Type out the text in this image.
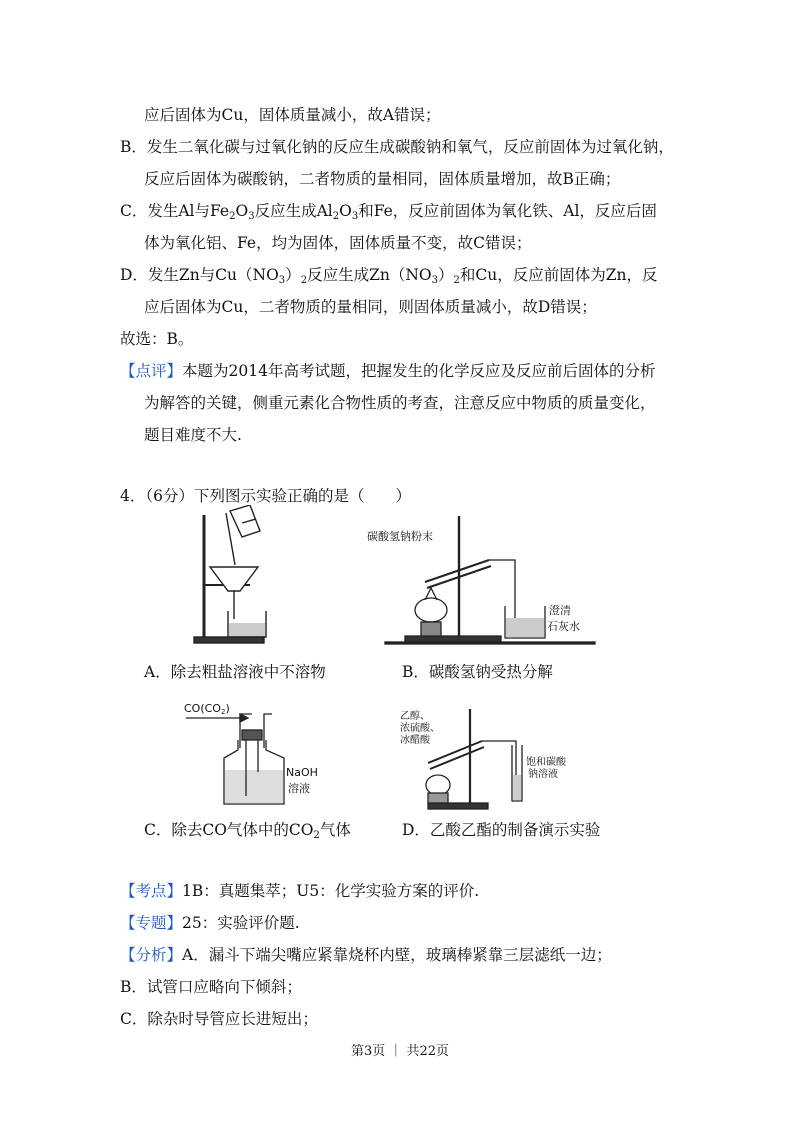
应后固体为Cu，固体质量减小，故A错误；
B．发生二氧化碳与过氧化钠的反应生成碳酸钠和氧气，反应前固体为过氧化钠，
反应后固体为碳酸钠，二者物质的量相同，固体质量增加，故B正确；
C．发生Al与$Fe_2O_3$反应生成$Al_2O_3$和Fe，反应前固体为氧化铁、Al，反应后固
体为氧化铝、Fe，均为固体，固体质量不变，故C错误；
D．发生Zn与$Cu(NO_3)_2$反应生成$Zn(NO_3)_2$和Cu，反应前固体为Zn，反
应后固体为Cu，二者物质的量相同，则固体质量减小，故D错误；
故选：B。
【点评】本题为2014年高考试题，把握发生的化学反应及反应前后固体的分析
为解答的关键，侧重元素化合物性质的考查，注意反应中物质的质量变化，
题目难度不大.
4．（6分）下列图示实验正确的是（　　）
A．除去粗盐溶液中不溶物
碳酸氢钠粉末
澄清
石灰水
B．碳酸氢钠受热分解
CO(CO2)
NaOH
溶液
C．除去CO气体中的$CO_2$气体
乙醇、
浓硫酸、
冰醋酸
饱和碳酸
钠溶液
D．乙酸乙酯的制备演示实验
【考点】1B：真题集萃；U5：化学实验方案的评价.
【专题】25：实验评价题.
【分析】A．漏斗下端尖嘴应紧靠烧杯内壁，玻璃棒紧靠三层滤纸一边；
B．试管口应略向下倾斜；
C．除杂时导管应长进短出；
第3页 ｜ 共22页
